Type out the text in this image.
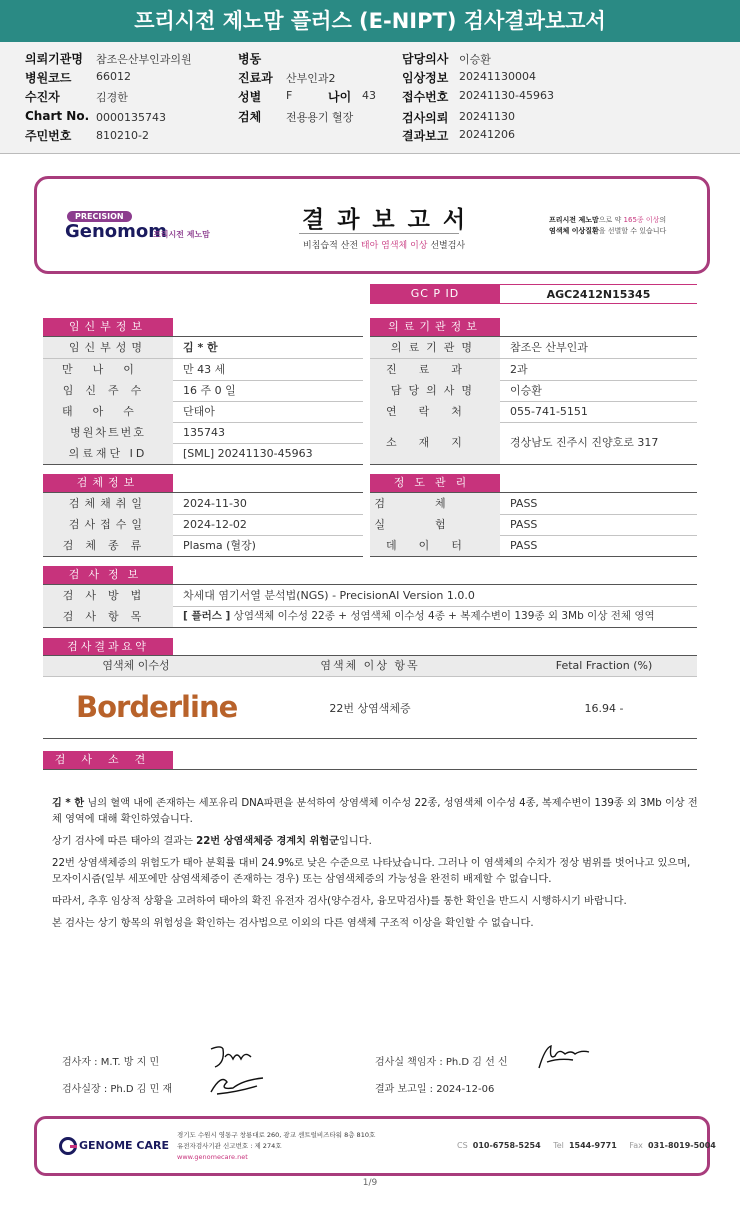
프리시전 제노맘 플러스 (E-NIPT) 검사결과보고서
의뢰기관명 참조은산부인과의원
병원코드 66012
수진자	김경한
Chart No. 0000135743
주민번호 810210-2
병동
진료과 산부인과2
성별 F	나이 43
검체 전용용기 혈장
담당의사 이승환
임상정보 20241130004
접수번호 20241130-45963
검사의뢰 20241130
결과보고 20241206
PRECISION
Genomom
프리시전 제노맘
결과보고서
비침습적 산전 태아 염색체 이상 선별검사
프리시전 제노맘으로 약 165종 이상의
염색체 이상질환을 선별할 수 있습니다
GC P ID	AGC2412N15345
임신부정보	의료기관정보
임신부성명	김 * 한
만나이	만 43 세
임신주수	16 주 0 일
태아수	단태아
병원차트번호	135743
의료재단 ID	[SML] 20241130-45963
의료기관명	참조은 산부인과
진료과	2과
담당의사명	이승환
연락처	055-741-5151
소재지	경상남도 진주시 진양호로 317
검체정보	정도관리
검체채취일	2024-11-30
검사접수일	2024-12-02
검체종류	Plasma (혈장)
검체	PASS
실험	PASS
데이터	PASS
검사정보
검사방법	차세대 염기서열 분석법(NGS) - PrecisionAI Version 1.0.0
검사항목	[ 플러스 ] 상염색체 이수성 22종 + 성염색체 이수성 4종 + 복제수변이 139종 외 3Mb 이상 전체 영역
검사결과요약
염색체 이수성	염색체 이상 항목	Fetal Fraction (%)
Borderline	22번 상염색체증	16.94 -
검사소견

김 * 한 님의 혈액 내에 존재하는 세포유리 DNA파편을 분석하여 상염색체 이수성 22종, 성염색체 이수성 4종, 복제수변이 139종 외 3Mb 이상 전체 영역에 대해 확인하였습니다.

상기 검사에 따른 태아의 결과는 22번 상염색체증 경계치 위험군입니다.

22번 상염색체증의 위험도가 태아 분획률 대비 24.9%로 낮은 수준으로 나타났습니다. 그러나 이 염색체의 수치가 정상 범위를 벗어나고 있으며, 모자이시즘(일부 세포에만 삼염색체증이 존재하는 경우) 또는 삼염색체증의 가능성을 완전히 배제할 수 없습니다.

따라서, 추후 임상적 상황을 고려하여 태아의 확진 유전자 검사(양수검사, 융모막검사)를 통한 확인을 반드시 시행하시기 바랍니다.

본 검사는 상기 항목의 위험성을 확인하는 검사법으로 이외의 다른 염색체 구조적 이상을 확인할 수 없습니다.

검사자 : M.T. 방 지 민
검사실장 : Ph.D 김 민 재
검사실 책임자 : Ph.D 김 선 신
결과 보고일 : 2024-12-06
GENOME CARE
경기도 수원시 영통구 창룡대로 260, 광교 센트럴비즈타워 8층 810호
유전자검사기관 신고번호 : 제 274호
www.genomecare.net
CS 010-6758-5254 Tel 1544-9771 Fax 031-8019-5004
1/9
